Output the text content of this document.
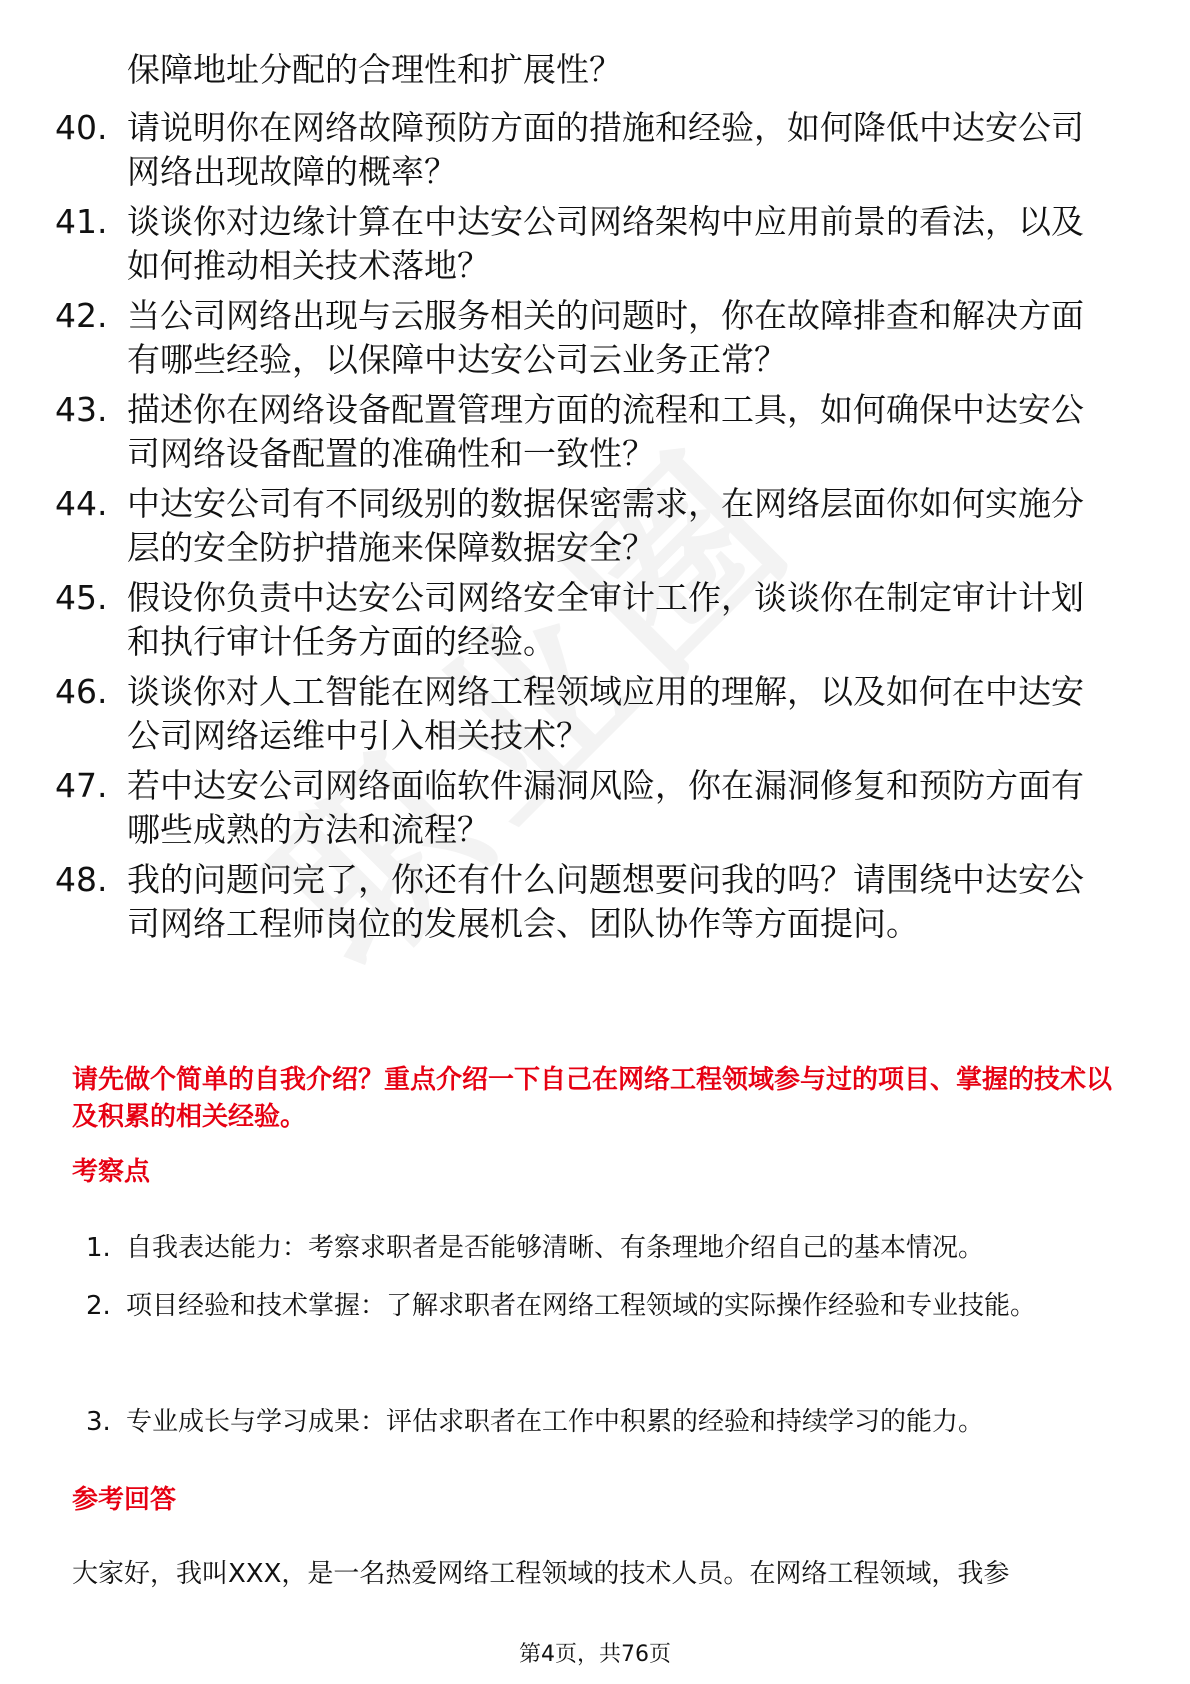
保障地址分配的合理性和扩展性？

40. 请说明你在网络故障预防方面的措施和经验，如何降低中达安公司网络出现故障的概率？
41. 谈谈你对边缘计算在中达安公司网络架构中应用前景的看法，以及如何推动相关技术落地？
42. 当公司网络出现与云服务相关的问题时，你在故障排查和解决方面有哪些经验，以保障中达安公司云业务正常？
43. 描述你在网络设备配置管理方面的流程和工具，如何确保中达安公司网络设备配置的准确性和一致性？
44. 中达安公司有不同级别的数据保密需求，在网络层面你如何实施分层的安全防护措施来保障数据安全？
45. 假设你负责中达安公司网络安全审计工作，谈谈你在制定审计计划和执行审计任务方面的经验。
46. 谈谈你对人工智能在网络工程领域应用的理解，以及如何在中达安公司网络运维中引入相关技术？
47. 若中达安公司网络面临软件漏洞风险，你在漏洞修复和预防方面有哪些成熟的方法和流程？
48. 我的问题问完了，你还有什么问题想要问我的吗？请围绕中达安公司网络工程师岗位的发展机会、团队协作等方面提问。

请先做个简单的自我介绍？重点介绍一下自己在网络工程领域参与过的项目、掌握的技术以及积累的相关经验。

考察点
1. 自我表达能力：考察求职者是否能够清晰、有条理地介绍自己的基本情况。
2. 项目经验和技术掌握：了解求职者在网络工程领域的实际操作经验和专业技能。
3. 专业成长与学习成果：评估求职者在工作中积累的经验和持续学习的能力。
参考回答

大家好，我叫XXX，是一名热爱网络工程领域的技术人员。在网络工程领域，我参

第4页，共76页
